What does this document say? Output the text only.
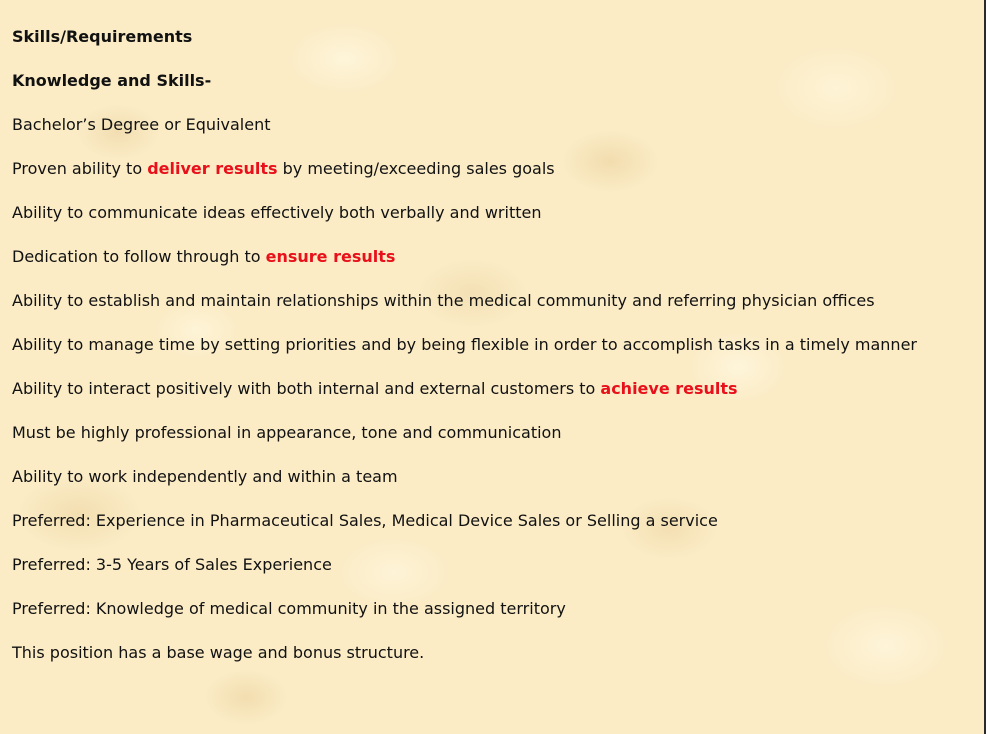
Skills/Requirements

Knowledge and Skills-

Bachelor’s Degree or Equivalent

Proven ability to deliver results by meeting/exceeding sales goals

Ability to communicate ideas effectively both verbally and written

Dedication to follow through to ensure results

Ability to establish and maintain relationships within the medical community and referring physician offices

Ability to manage time by setting priorities and by being flexible in order to accomplish tasks in a timely manner

Ability to interact positively with both internal and external customers to achieve results

Must be highly professional in appearance, tone and communication

Ability to work independently and within a team

Preferred: Experience in Pharmaceutical Sales, Medical Device Sales or Selling a service

Preferred: 3-5 Years of Sales Experience

Preferred: Knowledge of medical community in the assigned territory

This position has a base wage and bonus structure.
